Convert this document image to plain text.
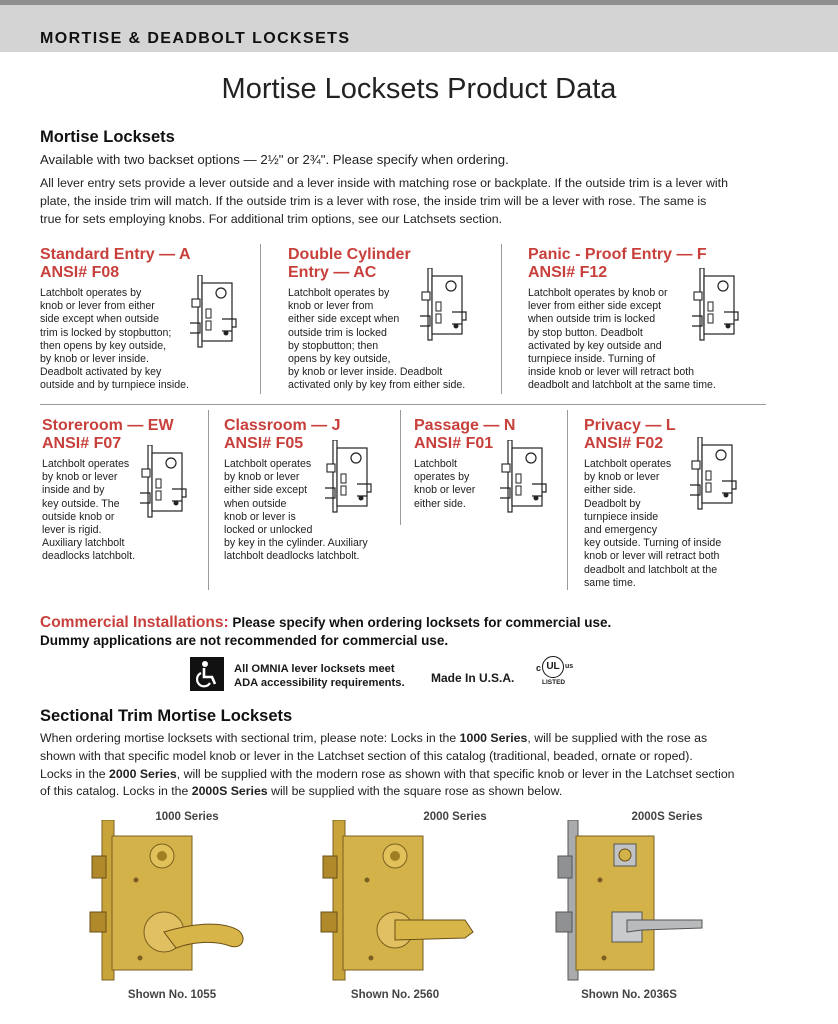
MORTISE & DEADBOLT LOCKSETS
Mortise Locksets Product Data
Mortise Locksets
Available with two backset options — 2½" or 2¾". Please specify when ordering.
All lever entry sets provide a lever outside and a lever inside with matching rose or backplate. If the outside trim is a lever with
plate, the inside trim will match. If the outside trim is a lever with rose, the inside trim will be a lever with rose. The same is
true for sets employing knobs. For additional trim options, see our Latchsets section.

Standard Entry — A

ANSI# F08

Latchbolt operates by

knob or lever from either

side except when outside

trim is locked by stopbutton;

then opens by key outside,

by knob or lever inside.

Deadbolt activated by key

outside and by turnpiece inside.

Double Cylinder

Entry — AC

Latchbolt operates by

knob or lever from

either side except when

outside trim is locked

by stopbutton; then

opens by key outside,

by knob or lever inside. Deadbolt

activated only by key from either side.

Panic - Proof Entry — F

ANSI# F12

Latchbolt operates by knob or

lever from either side except

when outside trim is locked

by stop button. Deadbolt

activated by key outside and

turnpiece inside. Turning of

inside knob or lever will retract both

deadbolt and latchbolt at the same time.

Storeroom — EW

ANSI# F07

Latchbolt operates

by knob or lever

inside and by

key outside. The

outside knob or

lever is rigid.

Auxiliary latchbolt

deadlocks latchbolt.

Classroom — J

ANSI# F05

Latchbolt operates

by knob or lever

either side except

when outside

knob or lever is

locked or unlocked

by key in the cylinder. Auxiliary

latchbolt deadlocks latchbolt.

Passage — N

ANSI# F01

Latchbolt

operates by

knob or lever

either side.

Privacy — L

ANSI# F02

Latchbolt operates

by knob or lever

either side.

Deadbolt by

turnpiece inside

and emergency

key outside. Turning of inside

knob or lever will retract both

deadbolt and latchbolt at the

same time.

Commercial Installations: Please specify when ordering locksets for commercial use.
Dummy applications are not recommended for commercial use.
All OMNIA lever locksets meet
ADA accessibility requirements. Made In U.S.A.
c UL us
LISTED
Sectional Trim Mortise Locksets
When ordering mortise locksets with sectional trim, please note: Locks in the 1000 Series, will be supplied with the rose as
shown with that specific model knob or lever in the Latchset section of this catalog (traditional, beaded, ornate or roped).
Locks in the 2000 Series, will be supplied with the modern rose as shown with that specific knob or lever in the Latchset section
of this catalog. Locks in the 2000S Series will be supplied with the square rose as shown below.
1000 Series	2000 Series	2000S Series
Shown No. 1055	Shown No. 2560	Shown No. 2036S
